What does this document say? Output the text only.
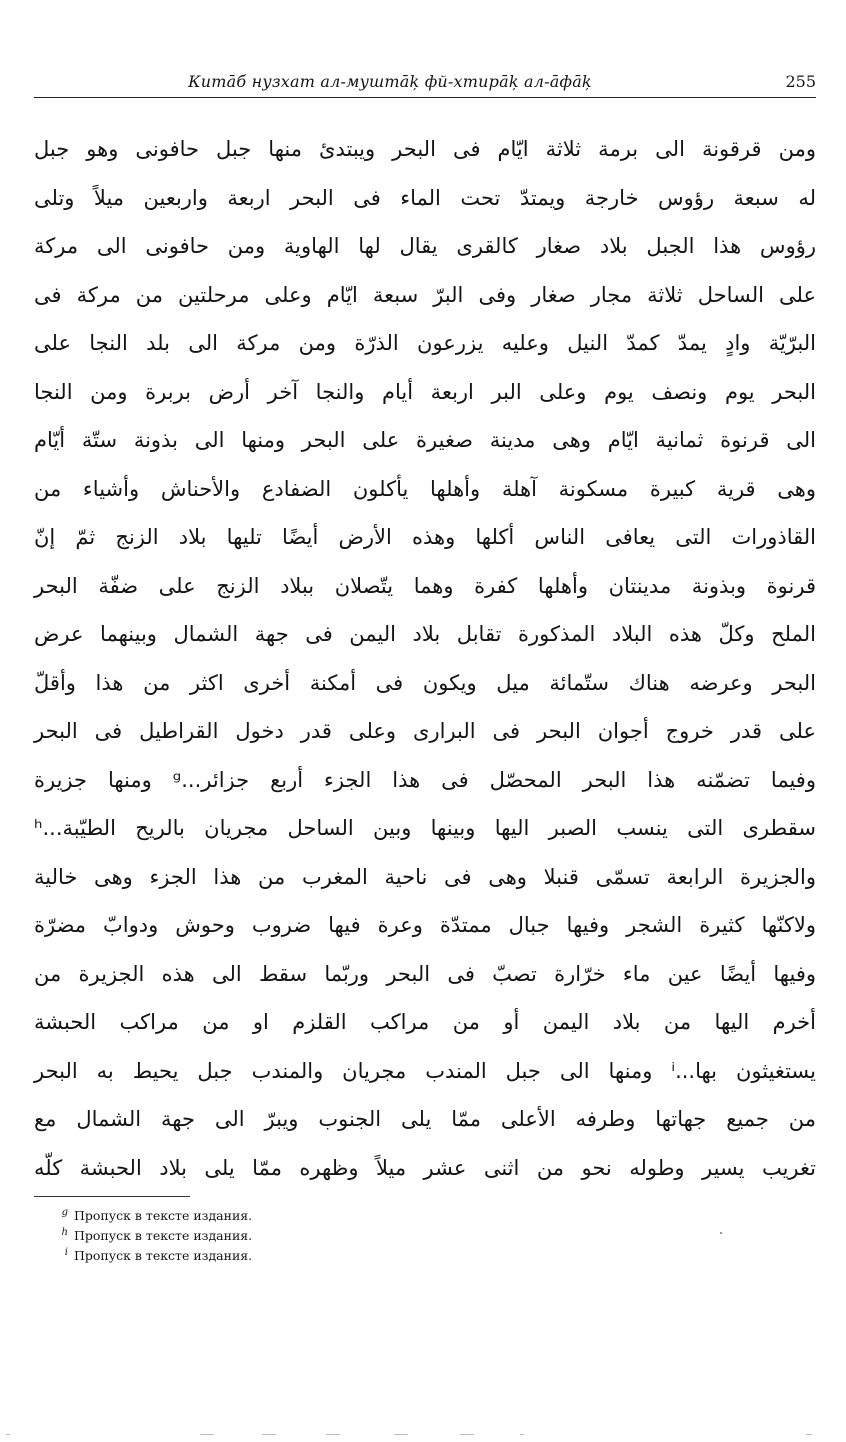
Китāб нузхат ал-муштāķ фй-хтирāķ ал-āфāķ	255
ومن قرقونة الى برمة ثلاثة ايّام فى البحر ويبتدئ منها جبل حافونى وهو جبل
له سبعة رؤوس خارجة ويمتدّ تحت الماء فى البحر اربعة واربعين ميلاً وتلى
رؤوس هذا الجبل بلاد صغار كالقرى يقال لها الهاوية ومن حافونى الى مركة
على الساحل ثلاثة مجار صغار وفى البرّ سبعة ايّام وعلى مرحلتين من مركة فى
البرّيّة وادٍ يمدّ كمدّ النيل وعليه يزرعون الذرّة ومن مركة الى بلد النجا على
البحر يوم ونصف يوم وعلى البر اربعة أيام والنجا آخر أرض بربرة ومن النجا
الى قرنوة ثمانية ايّام وهى مدينة صغيرة على البحر ومنها الى بذونة ستّة أيّام
وهى قرية كبيرة مسكونة آهلة وأهلها يأكلون الضفادع والأحناش وأشياء من
القاذورات التى يعافى الناس أكلها وهذه الأرض أيضًا تليها بلاد الزنج ثمّ إنّ
قرنوة وبذونة مدينتان وأهلها كفرة وهما يتّصلان ببلاد الزنج على ضفّة البحر
الملح وكلّ هذه البلاد المذكورة تقابل بلاد اليمن فى جهة الشمال وبينهما عرض
البحر وعرضه هناك ستّمائة ميل ويكون فى أمكنة أخرى اكثر من هذا وأقلّ
على قدر خروج أجوان البحر فى البرارى وعلى قدر دخول القراطيل فى البحر
وفيما تضمّنه هذا البحر المحصّل فى هذا الجزء أربع جزائر...ᵍ ومنها جزيرة
سقطرى التى ينسب الصبر اليها وبينها وبين الساحل مجريان بالريح الطيّبة...ʰ
والجزيرة الرابعة تسمّى قنبلا وهى فى ناحية المغرب من هذا الجزء وهى خالية
ولاكنّها كثيرة الشجر وفيها جبال ممتدّة وعرة فيها ضروب وحوش ودوابّ مضرّة
وفيها أيضًا عين ماء خرّارة تصبّ فى البحر وربّما سقط الى هذه الجزيرة من
أخرم اليها من بلاد اليمن أو من مراكب القلزم او من مراكب الحبشة
يستغيثون بها...ⁱ ومنها الى جبل المندب مجريان والمندب جبل يحيط به البحر
من جميع جهاتها وطرفه الأعلى ممّا يلى الجنوب ويبرّ الى جهة الشمال مع
تغريب يسير وطوله نحو من اثنى عشر ميلاً وظهره ممّا يلى بلاد الحبشة كلّه
g Пропуск в тексте издания.
h Пропуск в тексте издания.
i Пропуск в тексте издания.
